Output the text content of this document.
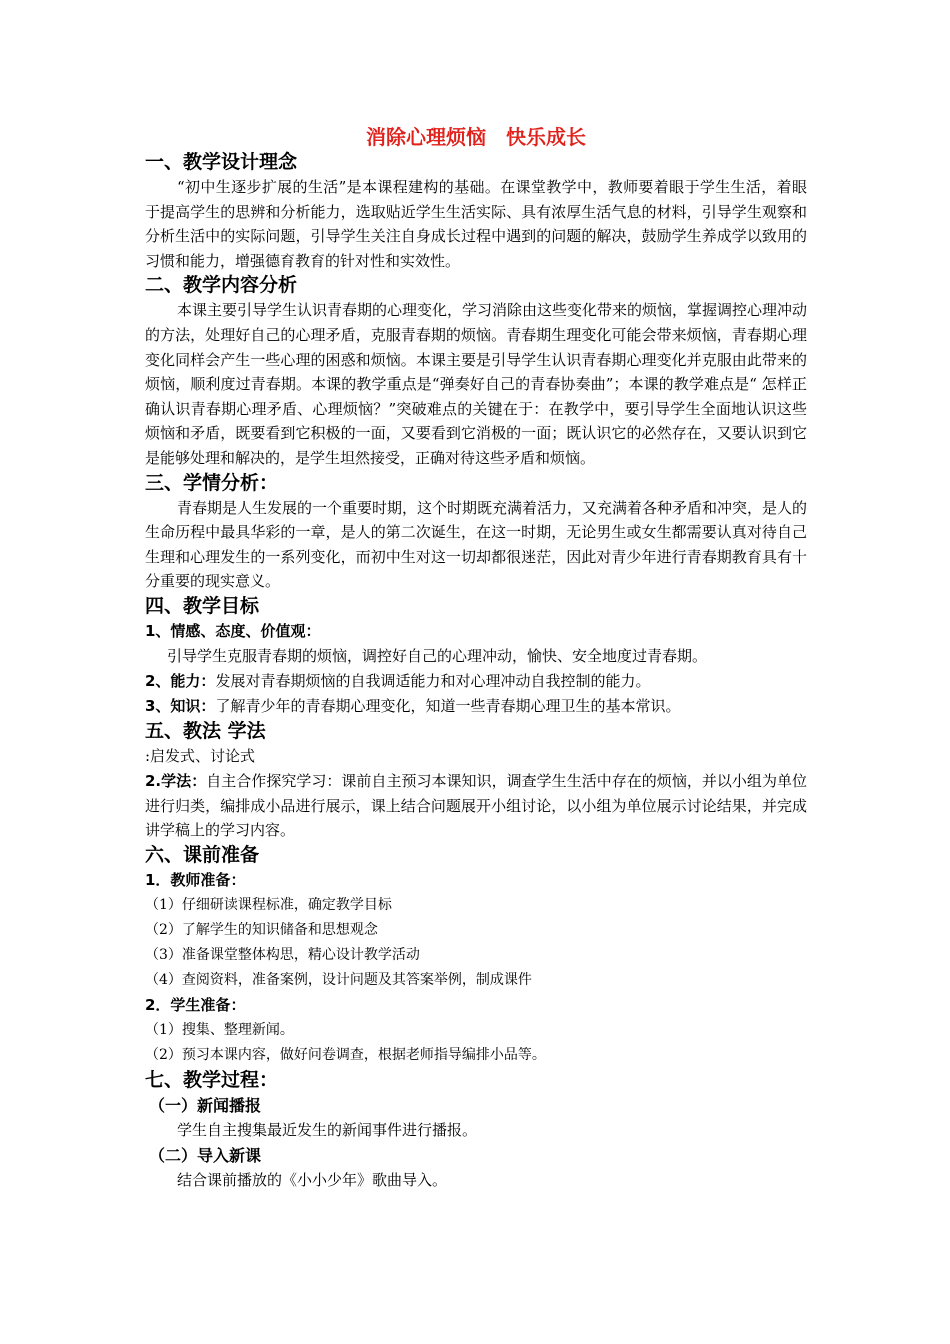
消除心理烦恼　快乐成长

一、教学设计理念

“初中生逐步扩展的生活”是本课程建构的基础。在课堂教学中，教师要着眼于学生生活，着眼于提高学生的思辨和分析能力，选取贴近学生生活实际、具有浓厚生活气息的材料，引导学生观察和分析生活中的实际问题，引导学生关注自身成长过程中遇到的问题的解决，鼓励学生养成学以致用的习惯和能力，增强德育教育的针对性和实效性。

二、教学内容分析

本课主要引导学生认识青春期的心理变化，学习消除由这些变化带来的烦恼，掌握调控心理冲动的方法，处理好自己的心理矛盾，克服青春期的烦恼。青春期生理变化可能会带来烦恼，青春期心理变化同样会产生一些心理的困惑和烦恼。本课主要是引导学生认识青春期心理变化并克服由此带来的烦恼，顺利度过青春期。本课的教学重点是“弹奏好自己的青春协奏曲”；本课的教学难点是“ 怎样正确认识青春期心理矛盾、心理烦恼？”突破难点的关键在于：在教学中，要引导学生全面地认识这些烦恼和矛盾，既要看到它积极的一面，又要看到它消极的一面；既认识它的必然存在，又要认识到它是能够处理和解决的，是学生坦然接受，正确对待这些矛盾和烦恼。

三、学情分析：

青春期是人生发展的一个重要时期，这个时期既充满着活力，又充满着各种矛盾和冲突，是人的生命历程中最具华彩的一章，是人的第二次诞生，在这一时期，无论男生或女生都需要认真对待自己生理和心理发生的一系列变化，而初中生对这一切却都很迷茫，因此对青少年进行青春期教育具有十分重要的现实意义。

四、教学目标

1、情感、态度、价值观：

引导学生克服青春期的烦恼，调控好自己的心理冲动，愉快、安全地度过青春期。

2、能力：发展对青春期烦恼的自我调适能力和对心理冲动自我控制的能力。

3、知识：了解青少年的青春期心理变化，知道一些青春期心理卫生的基本常识。

五、教法 学法

:启发式、讨论式

2.学法：自主合作探究学习：课前自主预习本课知识，调查学生生活中存在的烦恼，并以小组为单位进行归类，编排成小品进行展示，课上结合问题展开小组讨论，以小组为单位展示讨论结果，并完成讲学稿上的学习内容。

六、课前准备

1．教师准备：

（1）仔细研读课程标准，确定教学目标

（2）了解学生的知识储备和思想观念

（3）准备课堂整体构思，精心设计教学活动

（4）查阅资料，准备案例，设计问题及其答案举例，制成课件

2．学生准备：

（1）搜集、整理新闻。

（2）预习本课内容，做好问卷调查，根据老师指导编排小品等。

七、教学过程：

（一）新闻播报

学生自主搜集最近发生的新闻事件进行播报。

（二）导入新课

结合课前播放的《小小少年》歌曲导入。
